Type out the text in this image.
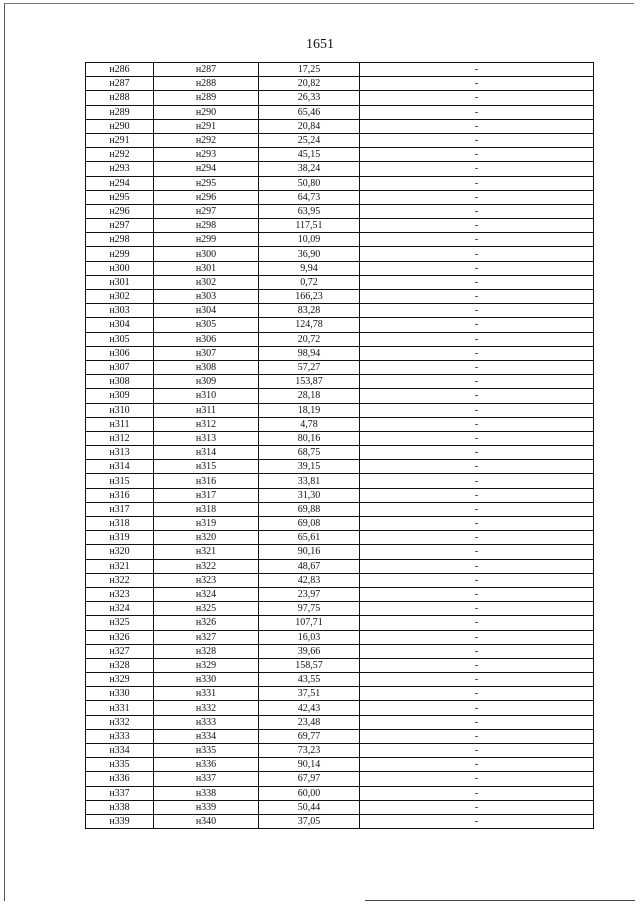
1651
н286	н287	17,25	-
н287	н288	20,82	-
н288	н289	26,33	-
н289	н290	65,46	-
н290	н291	20,84	-
н291	н292	25,24	-
н292	н293	45,15	-
н293	н294	38,24	-
н294	н295	50,80	-
н295	н296	64,73	-
н296	н297	63,95	-
н297	н298	117,51	-
н298	н299	10,09	-
н299	н300	36,90	-
н300	н301	9,94	-
н301	н302	0,72	-
н302	н303	166,23	-
н303	н304	83,28	-
н304	н305	124,78	-
н305	н306	20,72	-
н306	н307	98,94	-
н307	н308	57,27	-
н308	н309	153,87	-
н309	н310	28,18	-
н310	н311	18,19	-
н311	н312	4,78	-
н312	н313	80,16	-
н313	н314	68,75	-
н314	н315	39,15	-
н315	н316	33,81	-
н316	н317	31,30	-
н317	н318	69,88	-
н318	н319	69,08	-
н319	н320	65,61	-
н320	н321	90,16	-
н321	н322	48,67	-
н322	н323	42,83	-
н323	н324	23,97	-
н324	н325	97,75	-
н325	н326	107,71	-
н326	н327	16,03	-
н327	н328	39,66	-
н328	н329	158,57	-
н329	н330	43,55	-
н330	н331	37,51	-
н331	н332	42,43	-
н332	н333	23,48	-
н333	н334	69,77	-
н334	н335	73,23	-
н335	н336	90,14	-
н336	н337	67,97	-
н337	н338	60,00	-
н338	н339	50,44	-
н339	н340	37,05	-
